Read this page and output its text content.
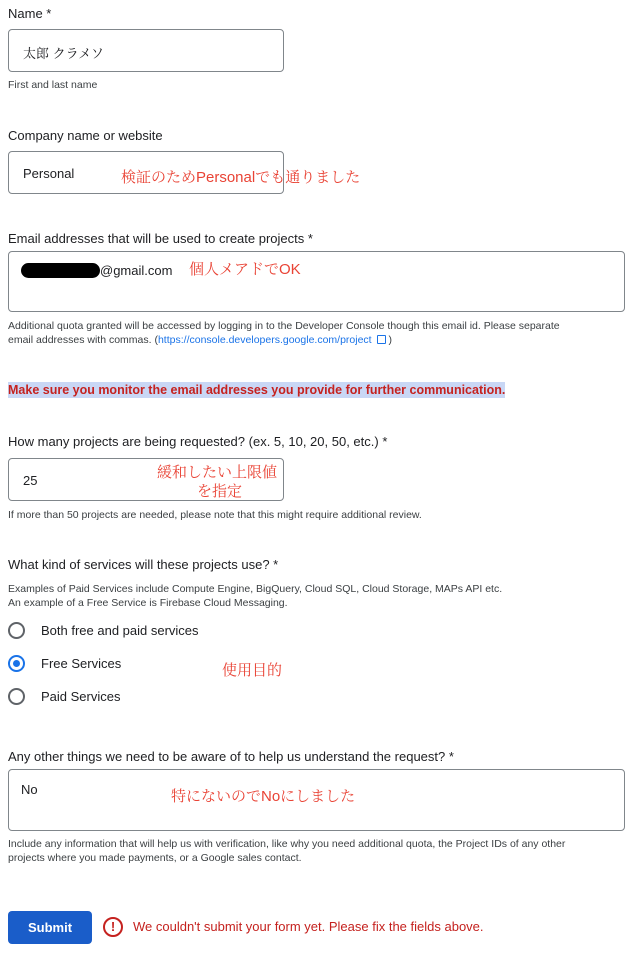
Name *
太郎 クラメソ
First and last name
Company name or website
Personal	検証のためPersonalでも通りました
Email addresses that will be used to create projects *
@gmail.com 個人メアドでOK
Additional quota granted will be accessed by logging in to the Developer Console though this email id. Please separate
email addresses with commas. (https://console.developers.google.com/project )
Make sure you monitor the email addresses you provide for further communication.
How many projects are being requested? (ex. 5, 10, 20, 50, etc.) *
25	緩和したい上限値
を指定
If more than 50 projects are needed, please note that this might require additional review.
What kind of services will these projects use? *
Examples of Paid Services include Compute Engine, BigQuery, Cloud SQL, Cloud Storage, MAPs API etc.
An example of a Free Service is Firebase Cloud Messaging.
Both free and paid services
Free Services
Paid Services
使用目的
Any other things we need to be aware of to help us understand the request? *
No	特にないのでNoにしました
Include any information that will help us with verification, like why you need additional quota, the Project IDs of any other
projects where you made payments, or a Google sales contact.
Submit	!	We couldn't submit your form yet. Please fix the fields above.
